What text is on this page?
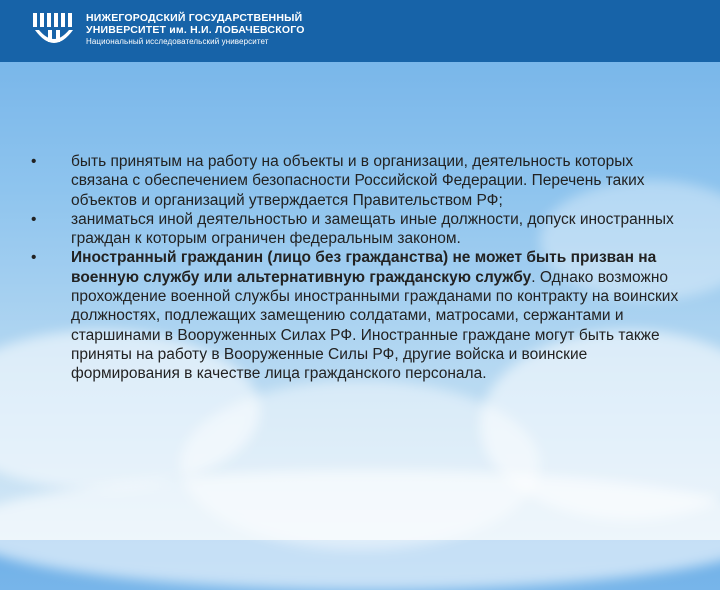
НИЖЕГОРОДСКИЙ ГОСУДАРСТВЕННЫЙ
УНИВЕРСИТЕТ им. Н.И. ЛОБАЧЕВСКОГО
Национальный исследовательский университет

• быть принятым на работу на объекты и в организации, деятельность которых связана с обеспечением безопасности Российской Федерации. Перечень таких объектов и организаций утверждается Правительством РФ;

• заниматься иной деятельностью и замещать иные должности, допуск иностранных граждан к которым ограничен федеральным законом.

• Иностранный гражданин (лицо без гражданства) не может быть призван на военную службу или альтернативную гражданскую службу. Однако возможно прохождение военной службы иностранными гражданами по контракту на воинских должностях, подлежащих замещению солдатами, матросами, сержантами и старшинами в Вооруженных Силах РФ. Иностранные граждане могут быть также приняты на работу в Вооруженные Силы РФ, другие войска и воинские формирования в качестве лица гражданского персонала.
